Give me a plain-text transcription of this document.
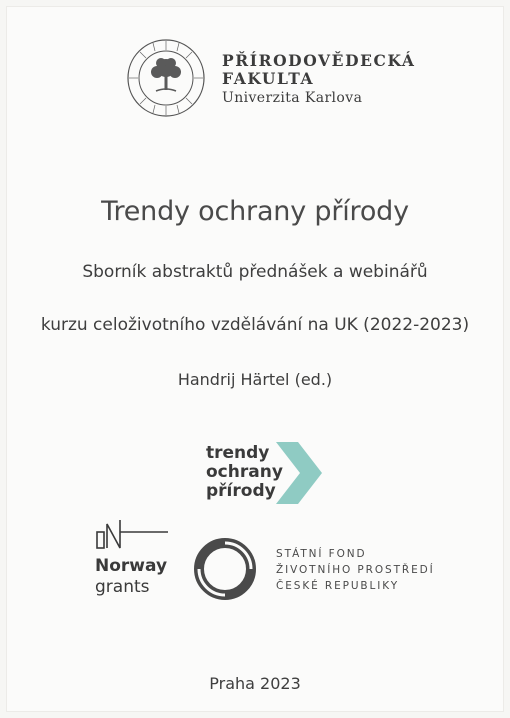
PŘÍRODOVĚDECKÁ
FAKULTA
Univerzita Karlova
Trendy ochrany přírody
Sborník abstraktů přednášek a webinářů
kurzu celoživotního vzdělávání na UK (2022-2023)
Handrij Härtel (ed.)
trendy
ochrany
přírody
Norway
grants
STÁTNÍ FOND
ŽIVOTNÍHO PROSTŘEDÍ
ČESKÉ REPUBLIKY
Praha 2023
